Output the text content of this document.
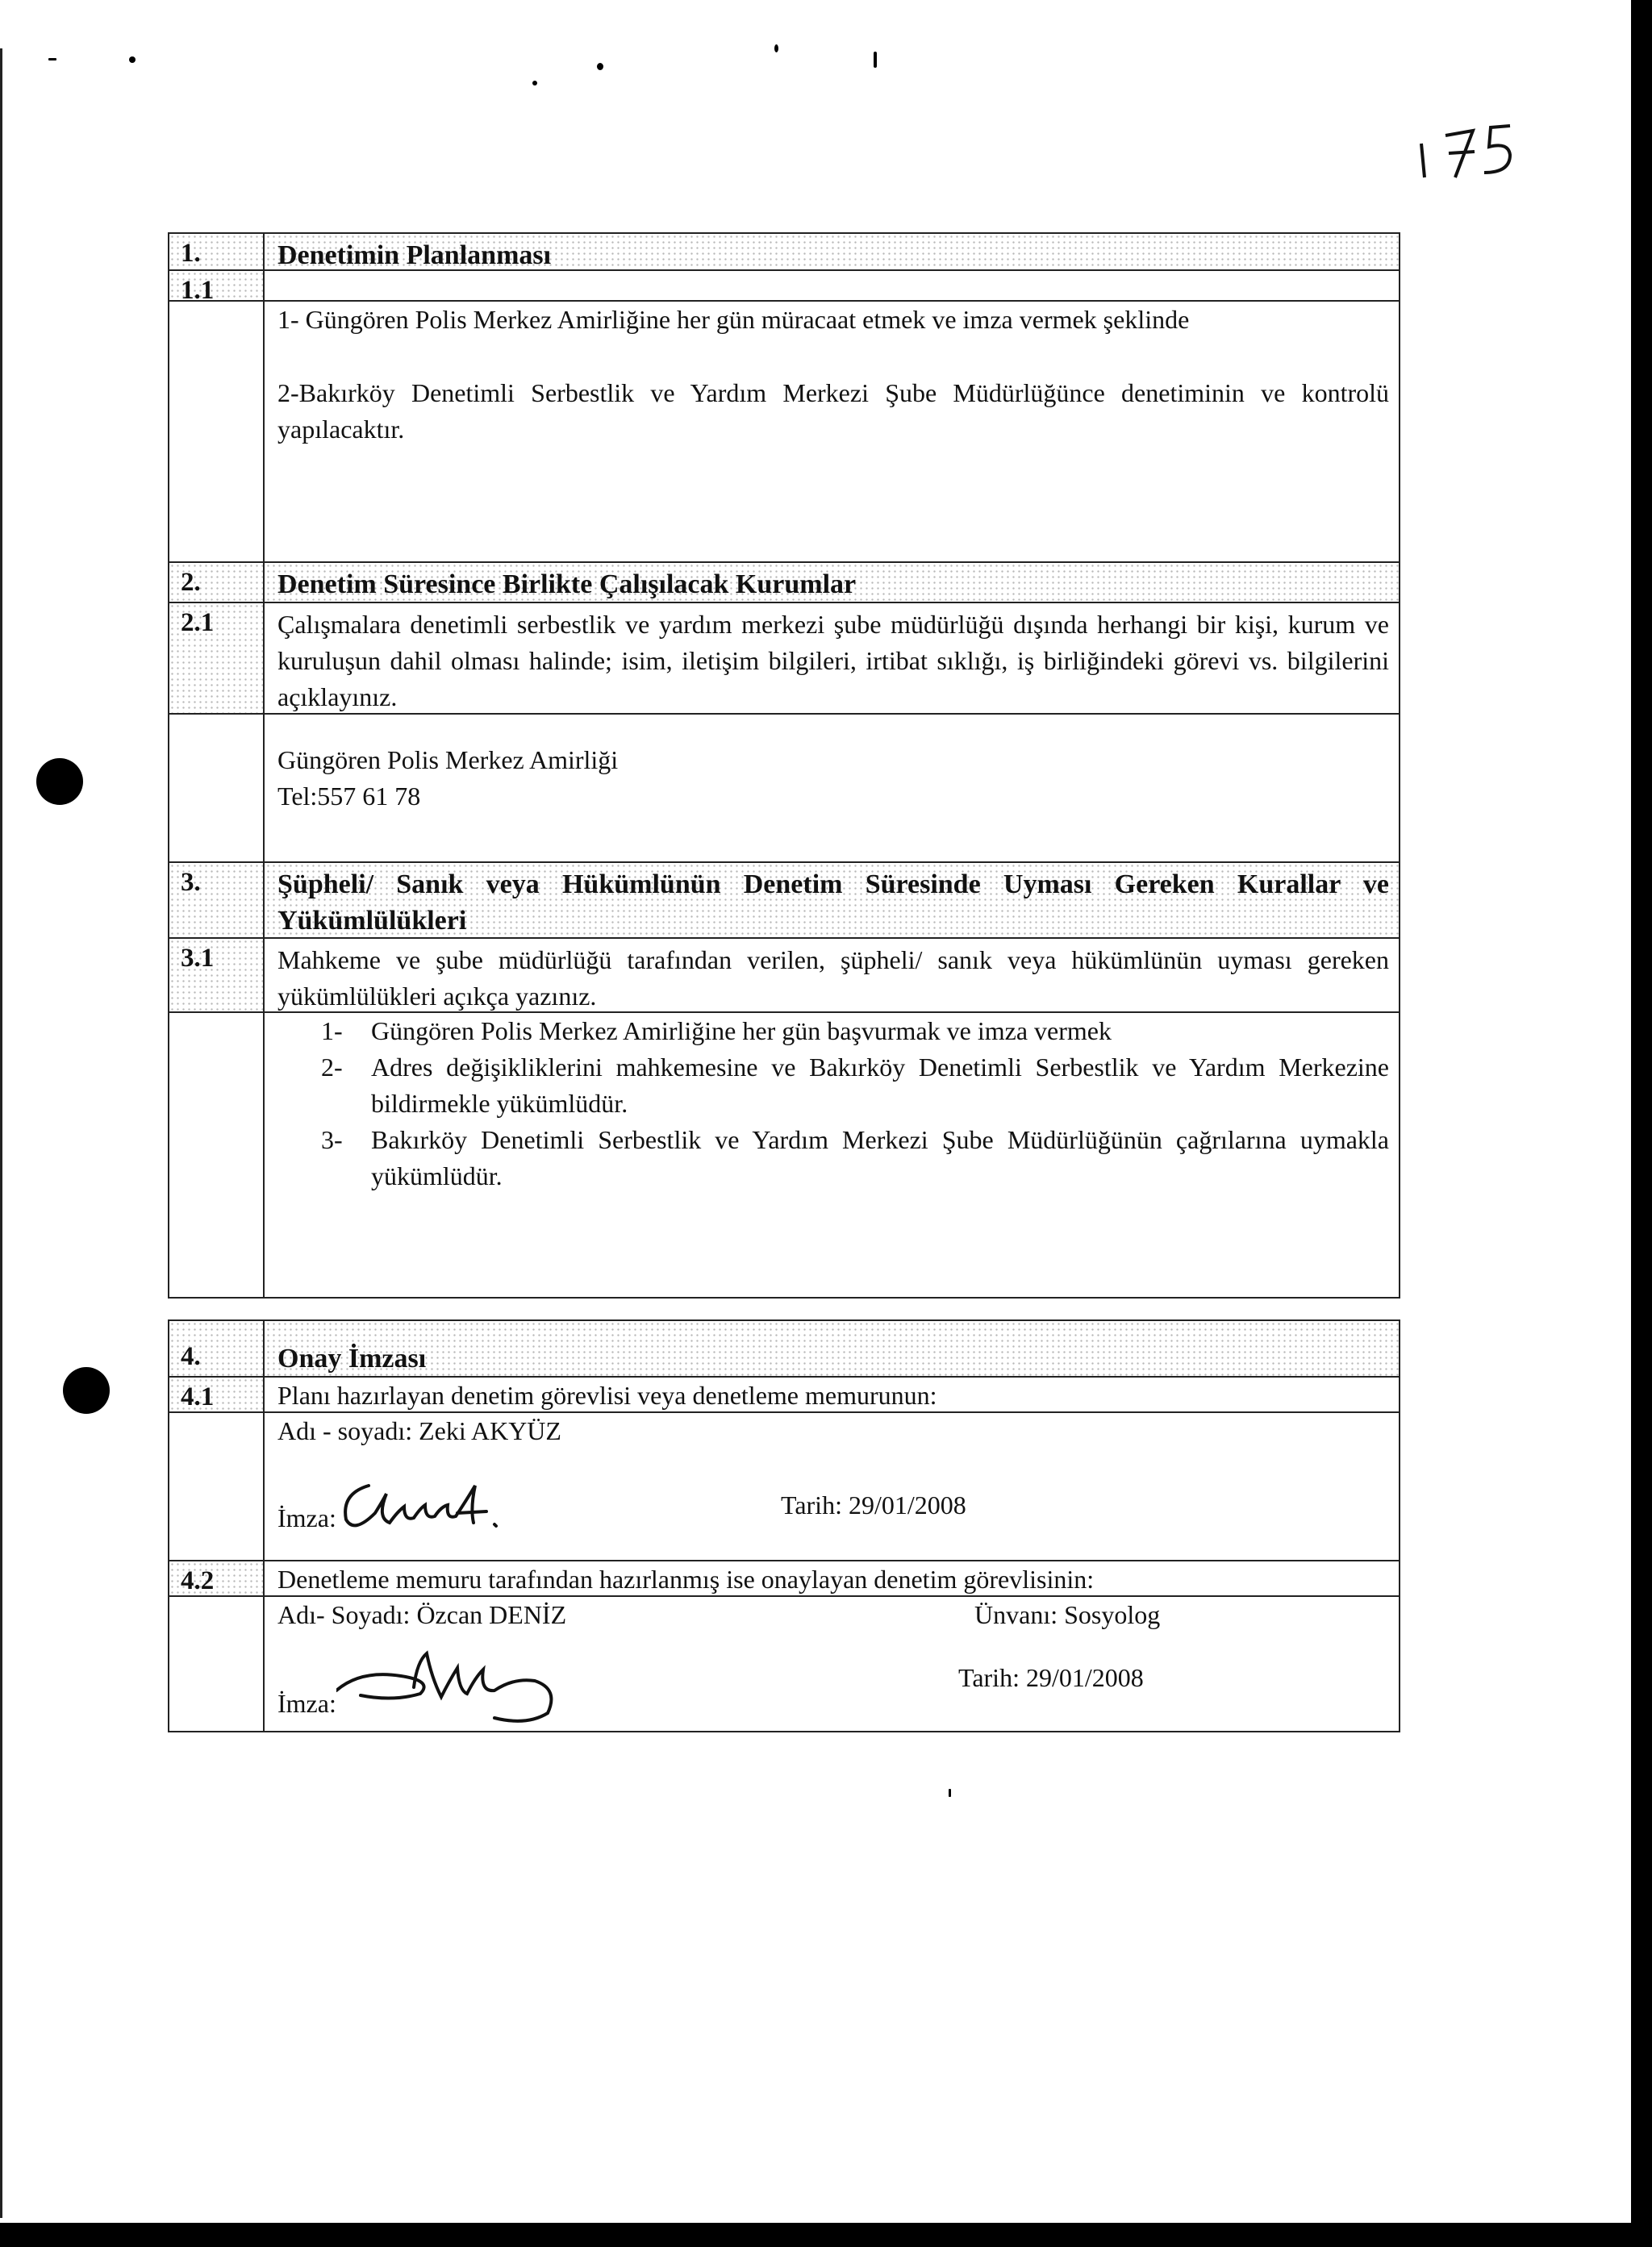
1.	Denetimin Planlanması
1.1
1- Güngören Polis Merkez Amirliğine her gün müracaat etmek ve imza vermek şeklinde
2-Bakırköy Denetimli Serbestlik ve Yardım Merkezi Şube Müdürlüğünce denetiminin ve kontrolü yapılacaktır.
2.	Denetim Süresince Birlikte Çalışılacak Kurumlar
2.1	Çalışmalara denetimli serbestlik ve yardım merkezi şube müdürlüğü dışında herhangi bir kişi, kurum ve kuruluşun dahil olması halinde; isim, iletişim bilgileri, irtibat sıklığı, iş birliğindeki görevi vs. bilgilerini açıklayınız.
Güngören Polis Merkez Amirliği
Tel:557 61 78
3.	Şüpheli/ Sanık veya Hükümlünün Denetim Süresinde Uyması Gereken Kurallar ve Yükümlülükleri
3.1	Mahkeme ve şube müdürlüğü tarafından verilen, şüpheli/ sanık veya hükümlünün uyması gereken yükümlülükleri açıkça yazınız.
1- Güngören Polis Merkez Amirliğine her gün başvurmak ve imza vermek
2- Adres değişikliklerini mahkemesine ve Bakırköy Denetimli Serbestlik ve Yardım Merkezine bildirmekle yükümlüdür.
3- Bakırköy Denetimli Serbestlik ve Yardım Merkezi Şube Müdürlüğünün çağrılarına uymakla yükümlüdür.
4.	Onay İmzası
4.1	Planı hazırlayan denetim görevlisi veya denetleme memurunun:
Adı - soyadı: Zeki AKYÜZ
İmza:	Tarih: 29/01/2008
4.2	Denetleme memuru tarafından hazırlanmış ise onaylayan denetim görevlisinin:
Adı- Soyadı: Özcan DENİZ	Ünvanı: Sosyolog
İmza:
Tarih: 29/01/2008
